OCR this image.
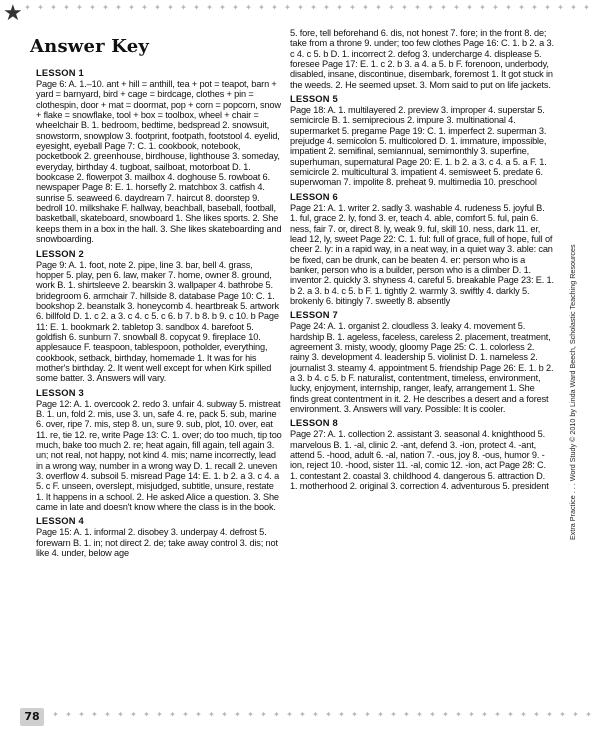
✦ ✦ ✦ ✦ ✦ ✦ ✦ ✦ ✦ ✦ ✦ ✦ ✦ ✦ ✦ ✦ ✦ ✦ ✦ ✦ ✦ ✦ ✦ ✦ ✦ ✦ ✦ ✦ ✦ ✦ ✦ ✦ ✦ ✦ ✦ ✦ ✦ ✦ ✦ ✦ ✦ ✦ ✦ ✦
★
Answer Key
LESSON 1

Page 6: A. 1.–10. ant + hill = anthill, tea + pot = teapot, barn + yard = barnyard, bird + cage = birdcage, clothes + pin = clothespin, door + mat = doormat, pop + corn = popcorn, snow + flake = snowflake, tool + box = toolbox, wheel + chair = wheelchair B. 1. bedroom, bedtime, bedspread 2. snowsuit, snowstorm, snowplow 3. footprint, footpath, footstool 4. eyelid, eyesight, eyeball Page 7: C. 1. cookbook, notebook, pocketbook 2. greenhouse, birdhouse, lighthouse 3. someday, everyday, birthday 4. tugboat, sailboat, motorboat D. 1. bookcase 2. flowerpot 3. mailbox 4. doghouse 5. rowboat 6. newspaper Page 8: E. 1. horsefly 2. matchbox 3. catfish 4. sunrise 5. seaweed 6. daydream 7. haircut 8. doorstep 9. bedroll 10. milkshake F. hallway, beachball, baseball, football, basketball, skateboard, snowboard 1. She likes sports. 2. She keeps them in a box in the hall. 3. She likes skateboarding and snowboarding.

LESSON 2

Page 9: A. 1. foot, note 2. pipe, line 3. bar, bell 4. grass, hopper 5. play, pen 6. law, maker 7. home, owner 8. ground, work B. 1. shirtsleeve 2. bearskin 3. wallpaper 4. bathrobe 5. bridegroom 6. armchair 7. hillside 8. database Page 10: C. 1. bookshop 2. beanstalk 3. honeycomb 4. heartbreak 5. artwork 6. billfold D. 1. c 2. a 3. c 4. c 5. c 6. b 7. b 8. b 9. c 10. b Page 11: E. 1. bookmark 2. tabletop 3. sandbox 4. barefoot 5. goldfish 6. sunburn 7. snowball 8. copycat 9. fireplace 10. applesauce F. teaspoon, tablespoon, potholder, everything, cookbook, setback, birthday, homemade 1. It was for his mother's birthday. 2. It went well except for when Kirk spilled some batter. 3. Answers will vary.

LESSON 3

Page 12: A. 1. overcook 2. redo 3. unfair 4. subway 5. mistreat B. 1. un, fold 2. mis, use 3. un, safe 4. re, pack 5. sub, marine 6. over, ripe 7. mis, step 8. un, sure 9. sub, plot, 10. over, eat 11. re, tie 12. re, write Page 13: C. 1. over; do too much, tip too much, bake too much 2. re; heat again, fill again, tell again 3. un; not real, not happy, not kind 4. mis; name incorrectly, lead in a wrong way, number in a wrong way D. 1. recall 2. uneven 3. overflow 4. subsoil 5. misread Page 14: E. 1. b 2. a 3. c 4. a 5. c F. unseen, overslept, misjudged, subtitle, unsure, restate 1. It happens in a school. 2. He asked Alice a question. 3. She came in late and doesn't know where the class is in the book.

LESSON 4

Page 15: A. 1. informal 2. disobey 3. underpay 4. defrost 5. forewarn B. 1. in; not direct 2. de; take away control 3. dis; not like 4. under, below age

5. fore, tell beforehand 6. dis, not honest 7. fore; in the front 8. de; take from a throne 9. under; too few clothes Page 16: C. 1. b 2. a 3. c 4. c 5. b D. 1. incorrect 2. defog 3. undercharge 4. displease 5. foresee Page 17: E. 1. c 2. b 3. a 4. a 5. b F. forenoon, underbody, disabled, insane, discontinue, disembark, foremost 1. It got stuck in the weeds. 2. He seemed upset. 3. Mom said to put on life jackets.

LESSON 5

Page 18: A. 1. multilayered 2. preview 3. improper 4. superstar 5. semicircle B. 1. semiprecious 2. impure 3. multinational 4. supermarket 5. pregame Page 19: C. 1. imperfect 2. superman 3. prejudge 4. semicolon 5. multicolored D. 1. immature, impossible, impatient 2. semifinal, semiannual, semimonthly 3. superfine, superhuman, supernatural Page 20: E. 1. b 2. a 3. c 4. a 5. a F. 1. semicircle 2. multicultural 3. impatient 4. semisweet 5. predate 6. superwoman 7. impolite 8. preheat 9. multimedia 10. preschool

LESSON 6

Page 21: A. 1. writer 2. sadly 3. washable 4. rudeness 5. joyful B. 1. ful, grace 2. ly, fond 3. er, teach 4. able, comfort 5. ful, pain 6. ness, fair 7. or, direct 8. ly, weak 9. ful, skill 10. ness, dark 11. er, lead 12, ly, sweet Page 22: C. 1. ful: full of grace, full of hope, full of cheer 2. ly: in a rapid way, in a neat way, in a quiet way 3. able: can be fixed, can be drunk, can be beaten 4. er: person who is a banker, person who is a builder, person who is a climber D. 1. inventor 2. quickly 3. shyness 4. careful 5. breakable Page 23: E. 1. b 2. a 3. b 4. c 5. b F. 1. tightly 2. warmly 3. swiftly 4. darkly 5. brokenly 6. bitingly 7. sweetly 8. absently

LESSON 7

Page 24: A. 1. organist 2. cloudless 3. leaky 4. movement 5. hardship B. 1. ageless, faceless, careless 2. placement, treatment, agreement 3. misty, woody, gloomy Page 25: C. 1. colorless 2. rainy 3. development 4. leadership 5. violinist D. 1. nameless 2. journalist 3. steamy 4. appointment 5. friendship Page 26: E. 1. b 2. a 3. b 4. c 5. b F. naturalist, contentment, timeless, environment, lucky, enjoyment, internship, ranger, leafy, arrangement 1. She finds great contentment in it. 2. He describes a desert and a forest environment. 3. Answers will vary. Possible: It is cooler.

LESSON 8

Page 27: A. 1. collection 2. assistant 3. seasonal 4. knighthood 5. marvelous B. 1. -al, clinic 2. -ant, defend 3. -ion, protect 4. -ant, attend 5. -hood, adult 6. -al, nation 7. -ous, joy 8. -ous, humor 9. -ion, reject 10. -hood, sister 11. -al, comic 12. -ion, act Page 28: C. 1. contestant 2. coastal 3. childhood 4. dangerous 5. attraction D. 1. motherhood 2. original 3. correction 4. adventurous 5. president	Extra Practice . . . Word Study © 2010 by Linda Ward Beech, Scholastic Teaching Resources
✦ ✦ ✦ ✦ ✦ ✦ ✦ ✦ ✦ ✦ ✦ ✦ ✦ ✦ ✦ ✦ ✦ ✦ ✦ ✦ ✦ ✦ ✦ ✦ ✦ ✦ ✦ ✦ ✦ ✦ ✦ ✦ ✦ ✦ ✦ ✦ ✦ ✦ ✦ ✦ ✦ ✦
78
